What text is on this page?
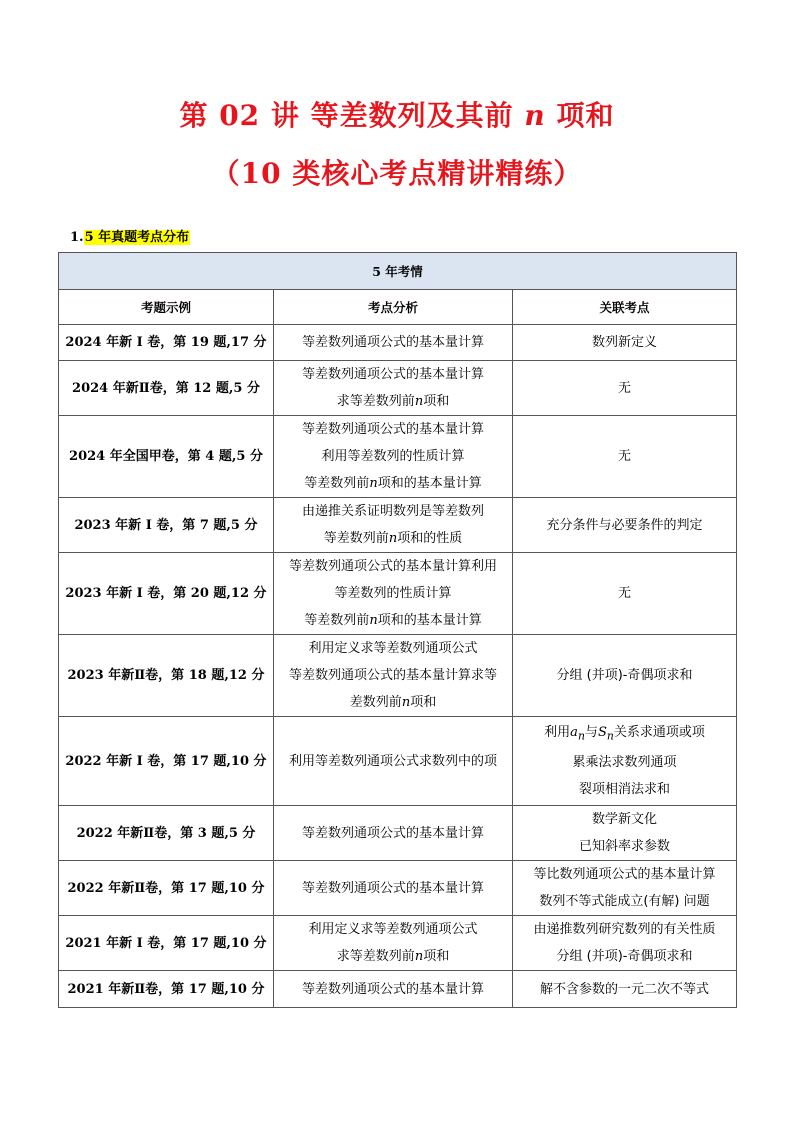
第 02 讲 等差数列及其前 n 项和
（10 类核心考点精讲精练）
1.5 年真题考点分布
5 年考情		
考题示例	考点分析	关联考点
2024 年新 I 卷，第 19 题,17 分	等差数列通项公式的基本量计算	数列新定义

2024 年新Ⅱ卷，第 12 题,5 分	等差数列通项公式的基本量计算
求等差数列前n项和	无

2024 年全国甲卷，第 4 题,5 分	等差数列通项公式的基本量计算
利用等差数列的性质计算
等差数列前n项和的基本量计算	无

2023 年新 I 卷，第 7 题,5 分	由递推关系证明数列是等差数列
等差数列前n项和的性质	充分条件与必要条件的判定

2023 年新 I 卷，第 20 题,12 分	等差数列通项公式的基本量计算利用
等差数列的性质计算
等差数列前n项和的基本量计算	无

2023 年新Ⅱ卷，第 18 题,12 分	利用定义求等差数列通项公式
等差数列通项公式的基本量计算求等
差数列前n项和	分组 (并项)-奇偶项求和

2022 年新 I 卷，第 17 题,10 分	利用等差数列通项公式求数列中的项	利用$a_n$与$S_n$关系求通项或项
累乘法求数列通项
裂项相消法求和

2022 年新Ⅱ卷，第 3 题,5 分	等差数列通项公式的基本量计算	数学新文化
已知斜率求参数

2022 年新Ⅱ卷，第 17 题,10 分	等差数列通项公式的基本量计算	等比数列通项公式的基本量计算
数列不等式能成立(有解) 问题

2021 年新 I 卷，第 17 题,10 分	利用定义求等差数列通项公式
求等差数列前n项和	由递推数列研究数列的有关性质
分组 (并项)-奇偶项求和

2021 年新Ⅱ卷，第 17 题,10 分	等差数列通项公式的基本量计算	解不含参数的一元二次不等式
